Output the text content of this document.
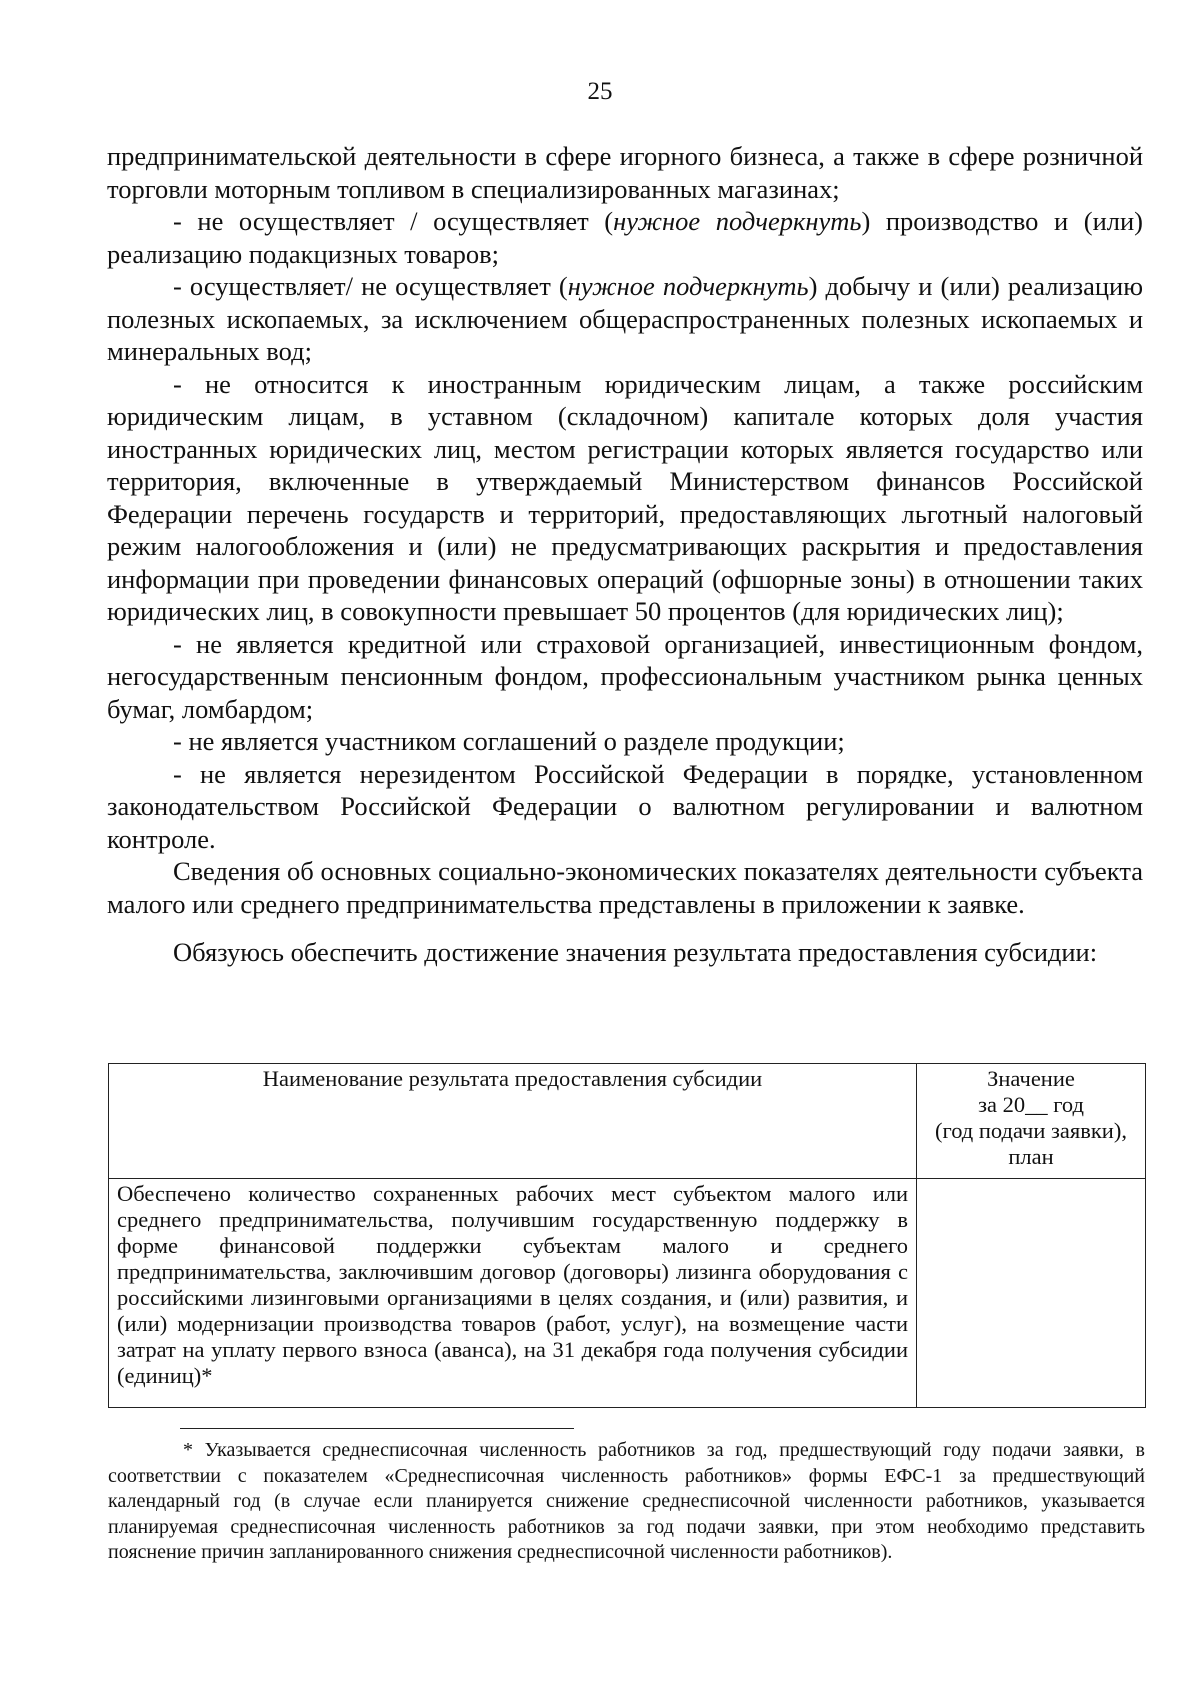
25

предпринимательской деятельности в сфере игорного бизнеса, а также в сфере розничной торговли моторным топливом в специализированных магазинах;

- не осуществляет / осуществляет (нужное подчеркнуть) производство и (или) реализацию подакцизных товаров;

- осуществляет/ не осуществляет (нужное подчеркнуть) добычу и (или) реализацию полезных ископаемых, за исключением общераспространенных полезных ископаемых и минеральных вод;

- не относится к иностранным юридическим лицам, а также российским юридическим лицам, в уставном (складочном) капитале которых доля участия иностранных юридических лиц, местом регистрации которых является государство или территория, включенные в утверждаемый Министерством финансов Российской Федерации перечень государств и территорий, предоставляющих льготный налоговый режим налогообложения и (или) не предусматривающих раскрытия и предоставления информации при проведении финансовых операций (офшорные зоны) в отношении таких юридических лиц, в совокупности превышает 50 процентов (для юридических лиц);

- не является кредитной или страховой организацией, инвестиционным фондом, негосударственным пенсионным фондом, профессиональным участником рынка ценных бумаг, ломбардом;

- не является участником соглашений о разделе продукции;

- не является нерезидентом Российской Федерации в порядке, установленном законодательством Российской Федерации о валютном регулировании и валютном контроле.

Сведения об основных социально-экономических показателях деятельности субъекта малого или среднего предпринимательства представлены в приложении к заявке.

Обязуюсь обеспечить достижение значения результата предоставления субсидии:

Наименование результата предоставления субсидии	Значение
за 20__ год
(год подачи заявки),
план

Обеспечено количество сохраненных рабочих мест субъектом малого или среднего предпринимательства, получившим государственную поддержку в форме финансовой поддержки субъектам малого и среднего предпринимательства, заключившим договор (договоры) лизинга оборудования с российскими лизинговыми организациями в целях создания, и (или) развития, и (или) модернизации производства товаров (работ, услуг), на возмещение части затрат на уплату первого взноса (аванса), на 31 декабря года получения субсидии (единиц)*	
* Указывается среднесписочная численность работников за год, предшествующий году подачи заявки, в соответствии с показателем «Среднесписочная численность работников» формы ЕФС-1 за предшествующий календарный год (в случае если планируется снижение среднесписочной численности работников, указывается планируемая среднесписочная численность работников за год подачи заявки, при этом необходимо представить пояснение причин запланированного снижения среднесписочной численности работников).
